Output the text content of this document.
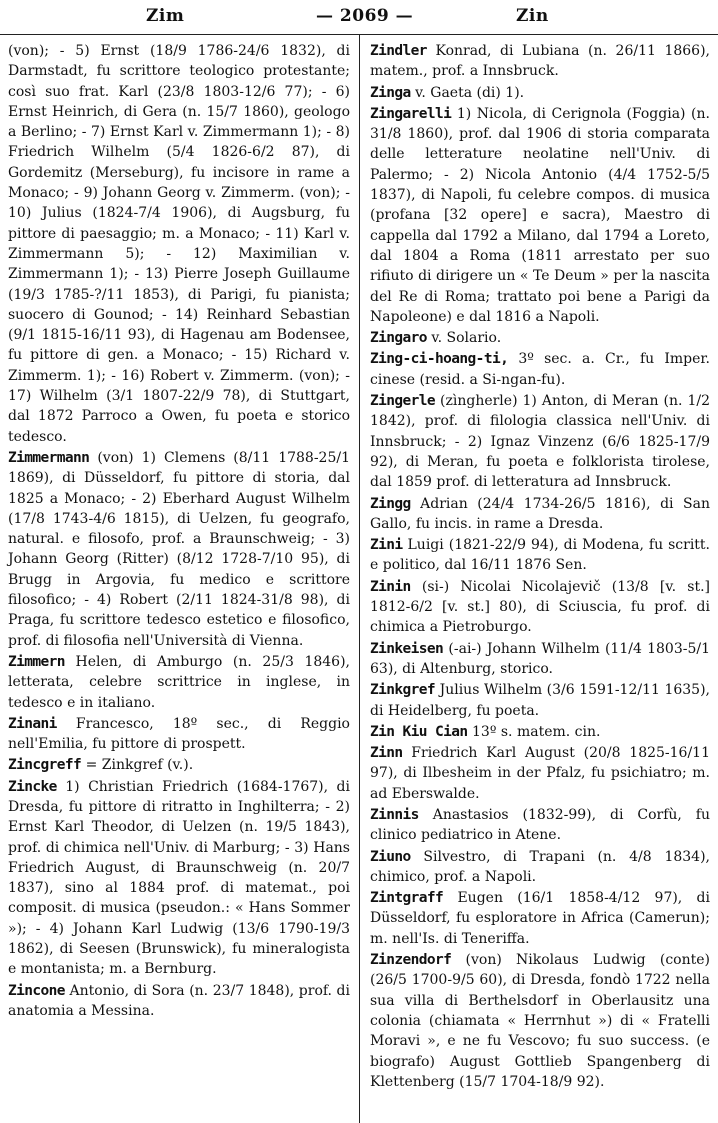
Zim	— 2069 —	Zin

(von); - 5) Ernst (18/9 1786-24/6 1832), di Darmstadt, fu scrittore teologico protestante; così suo frat. Karl (23/8 1803-12/6 77); - 6) Ernst Heinrich, di Gera (n. 15/7 1860), geologo a Berlino; - 7) Ernst Karl v. Zimmermann 1); - 8) Friedrich Wilhelm (5/4 1826-6/2 87), di Gordemitz (Merseburg), fu incisore in rame a Monaco; - 9) Johann Georg v. Zimmerm. (von); - 10) Julius (1824-7/4 1906), di Augsburg, fu pittore di paesaggio; m. a Monaco; - 11) Karl v. Zimmermann 5); - 12) Maximilian v. Zimmermann 1); - 13) Pierre Joseph Guillaume (19/3 1785-?/11 1853), di Parigi, fu pianista; suocero di Gounod; - 14) Reinhard Sebastian (9/1 1815-16/11 93), di Hagenau am Bodensee, fu pittore di gen. a Monaco; - 15) Richard v. Zimmerm. 1); - 16) Robert v. Zimmerm. (von); - 17) Wilhelm (3/1 1807-22/9 78), di Stuttgart, dal 1872 Parroco a Owen, fu poeta e storico tedesco.

Zimmermann (von) 1) Clemens (8/11 1788-25/1 1869), di Düsseldorf, fu pittore di storia, dal 1825 a Monaco; - 2) Eberhard August Wilhelm (17/8 1743-4/6 1815), di Uelzen, fu geografo, natural. e filosofo, prof. a Braunschweig; - 3) Johann Georg (Ritter) (8/12 1728-7/10 95), di Brugg in Argovia, fu medico e scrittore filosofico; - 4) Robert (2/11 1824-31/8 98), di Praga, fu scrittore tedesco estetico e filosofico, prof. di filosofia nell'Università di Vienna.

Zimmern Helen, di Amburgo (n. 25/3 1846), letterata, celebre scrittrice in inglese, in tedesco e in italiano.

Zinani Francesco, 18º sec., di Reggio nell'Emilia, fu pittore di prospett.

Zincgreff = Zinkgref (v.).

Zincke 1) Christian Friedrich (1684-1767), di Dresda, fu pittore di ritratto in Inghilterra; - 2) Ernst Karl Theodor, di Uelzen (n. 19/5 1843), prof. di chimica nell'Univ. di Marburg; - 3) Hans Friedrich August, di Braunschweig (n. 20/7 1837), sino al 1884 prof. di matemat., poi composit. di musica (pseudon.: « Hans Sommer »); - 4) Johann Karl Ludwig (13/6 1790-19/3 1862), di Seesen (Brunswick), fu mineralogista e montanista; m. a Bernburg.

Zincone Antonio, di Sora (n. 23/7 1848), prof. di anatomia a Messina.

Zindler Konrad, di Lubiana (n. 26/11 1866), matem., prof. a Innsbruck.

Zinga v. Gaeta (di) 1).

Zingarelli 1) Nicola, di Cerignola (Foggia) (n. 31/8 1860), prof. dal 1906 di storia comparata delle letterature neolatine nell'Univ. di Palermo; - 2) Nicola Antonio (4/4 1752-5/5 1837), di Napoli, fu celebre compos. di musica (profana [32 opere] e sacra), Maestro di cappella dal 1792 a Milano, dal 1794 a Loreto, dal 1804 a Roma (1811 arrestato per suo rifiuto di dirigere un « Te Deum » per la nascita del Re di Roma; trattato poi bene a Parigi da Napoleone) e dal 1816 a Napoli.

Zingaro v. Solario.

Zing-ci-hoang-ti, 3º sec. a. Cr., fu Imper. cinese (resid. a Si-ngan-fu).

Zingerle (zìngherle) 1) Anton, di Meran (n. 1/2 1842), prof. di filologia classica nell'Univ. di Innsbruck; - 2) Ignaz Vinzenz (6/6 1825-17/9 92), di Meran, fu poeta e folklorista tirolese, dal 1859 prof. di letteratura ad Innsbruck.

Zingg Adrian (24/4 1734-26/5 1816), di San Gallo, fu incis. in rame a Dresda.

Zini Luigi (1821-22/9 94), di Modena, fu scritt. e politico, dal 16/11 1876 Sen.

Zinin (si-) Nicolai Nicolajevič (13/8 [v. st.] 1812-6/2 [v. st.] 80), di Sciuscia, fu prof. di chimica a Pietroburgo.

Zinkeisen (-ai-) Johann Wilhelm (11/4 1803-5/1 63), di Altenburg, storico.

Zinkgref Julius Wilhelm (3/6 1591-12/11 1635), di Heidelberg, fu poeta.

Zin Kiu Cian 13º s. matem. cin.

Zinn Friedrich Karl August (20/8 1825-16/11 97), di Ilbesheim in der Pfalz, fu psichiatro; m. ad Eberswalde.

Zinnis Anastasios (1832-99), di Corfù, fu clinico pediatrico in Atene.

Ziuno Silvestro, di Trapani (n. 4/8 1834), chimico, prof. a Napoli.

Zintgraff Eugen (16/1 1858-4/12 97), di Düsseldorf, fu esploratore in Africa (Camerun); m. nell'Is. di Teneriffa.

Zinzendorf (von) Nikolaus Ludwig (conte) (26/5 1700-9/5 60), di Dresda, fondò 1722 nella sua villa di Berthelsdorf in Oberlausitz una colonia (chiamata « Herrnhut ») di « Fratelli Moravi », e ne fu Vescovo; fu suo success. (e biografo) August Gottlieb Spangenberg di Klettenberg (15/7 1704-18/9 92).
